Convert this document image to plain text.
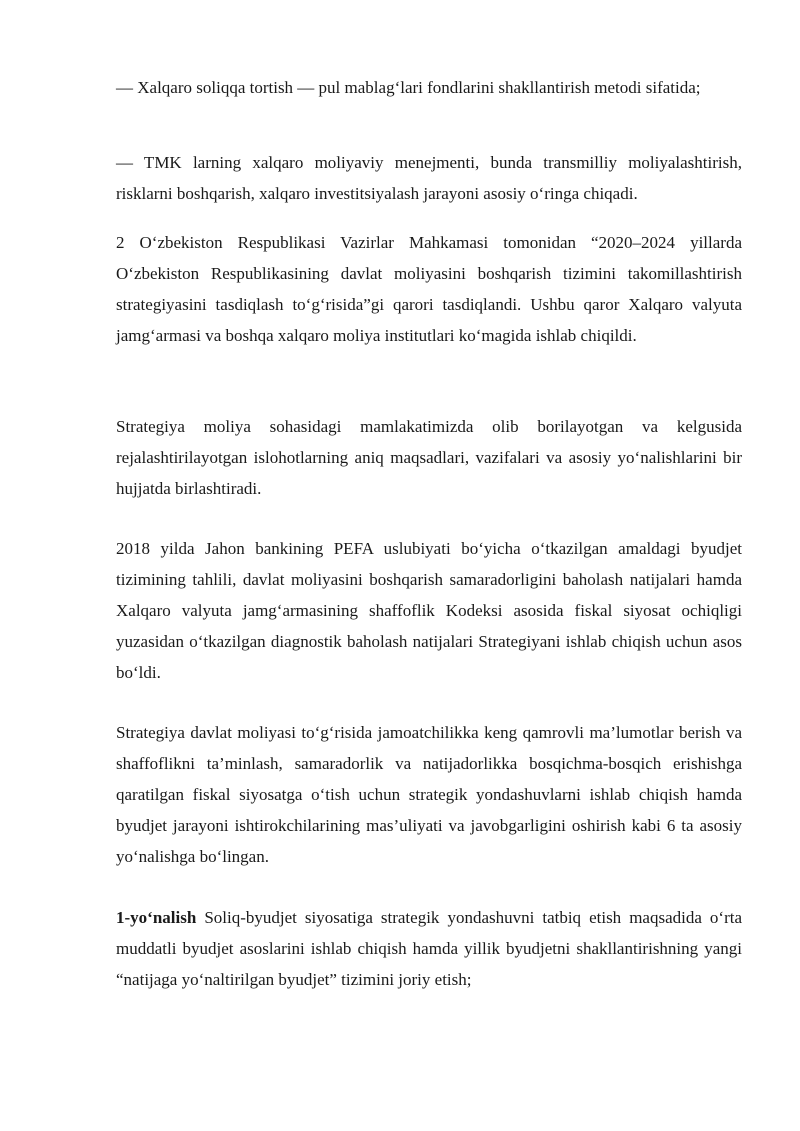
— Xalqaro soliqqa tortish — pul mablag‘lari fondlarini shakllantirish metodi sifatida;

— TMK larning xalqaro moliyaviy menejmenti, bunda transmilliy moliyalashtirish, risklarni boshqarish, xalqaro investitsiyalash jarayoni asosiy o‘ringa chiqadi.

2 O‘zbekiston Respublikasi Vazirlar Mahkamasi tomonidan “2020–2024 yillarda O‘zbekiston Respublikasining davlat moliyasini boshqarish tizimini takomillashtirish strategiyasini tasdiqlash to‘g‘risida”gi qarori tasdiqlandi. Ushbu qaror Xalqaro valyuta jamg‘armasi va boshqa xalqaro moliya institutlari ko‘magida ishlab chiqildi.

Strategiya moliya sohasidagi mamlakatimizda olib borilayotgan va kelgusida rejalashtirilayotgan islohotlarning aniq maqsadlari, vazifalari va asosiy yo‘nalishlarini bir hujjatda birlashtiradi.

2018 yilda Jahon bankining PEFA uslubiyati bo‘yicha o‘tkazilgan amaldagi byudjet tizimining tahlili, davlat moliyasini boshqarish samaradorligini baholash natijalari hamda Xalqaro valyuta jamg‘armasining shaffoflik Kodeksi asosida fiskal siyosat ochiqligi yuzasidan o‘tkazilgan diagnostik baholash natijalari Strategiyani ishlab chiqish uchun asos bo‘ldi.

Strategiya davlat moliyasi to‘g‘risida jamoatchilikka keng qamrovli ma’lumotlar berish va shaffoflikni ta’minlash, samaradorlik va natijadorlikka bosqichma-bosqich erishishga qaratilgan fiskal siyosatga o‘tish uchun strategik yondashuvlarni ishlab chiqish hamda byudjet jarayoni ishtirokchilarining mas’uliyati va javobgarligini oshirish kabi 6 ta asosiy yo‘nalishga bo‘lingan.

1-yo‘nalish Soliq-byudjet siyosatiga strategik yondashuvni tatbiq etish maqsadida o‘rta muddatli byudjet asoslarini ishlab chiqish hamda yillik byudjetni shakllantirishning yangi “natijaga yo‘naltirilgan byudjet” tizimini joriy etish;
